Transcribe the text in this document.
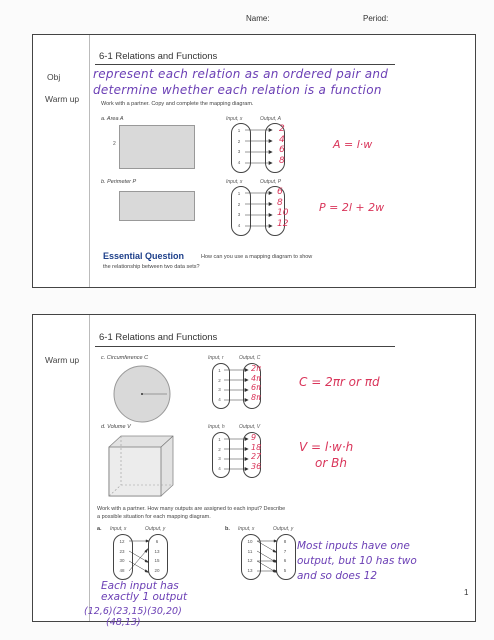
Name:	Period:
6-1 Relations and Functions
Obj
Warm up
represent each relation as an ordered pair and
determine whether each relation is a function
Work with a partner. Copy and complete the mapping diagram.
a. Area A
2
Input, x	Output, A
1
2
3
4
2
4
6
8
A = l·w
b. Perimeter P	Input, x	Output, P
1
2
3
4
6
8
10
12
P = 2l + 2w
Essential Question	How can you use a mapping diagram to show
the relationship between two data sets?
6-1 Relations and Functions
Warm up	c. Circumference C	Input, r	Output, C
1
2
3
4
2π
4π
6π
8π
C = 2πr or πd
d. Volume V	Input, h	Output, V
1
2
3
4
9
18
27
36
V = l·w·h
or Bh
Work with a partner. How many outputs are assigned to each input? Describe
a possible situation for each mapping diagram.
a. Input, x	Output, y
12
23
30
48
6
13
15
20
b. Input, x	Output, y
10
11
12
13
8
7
6
5
Most inputs have one
output, but 10 has two
and so does 12
Each input has
exactly 1 output
(12,6)(23,15)(30,20)
(48,13)
1
